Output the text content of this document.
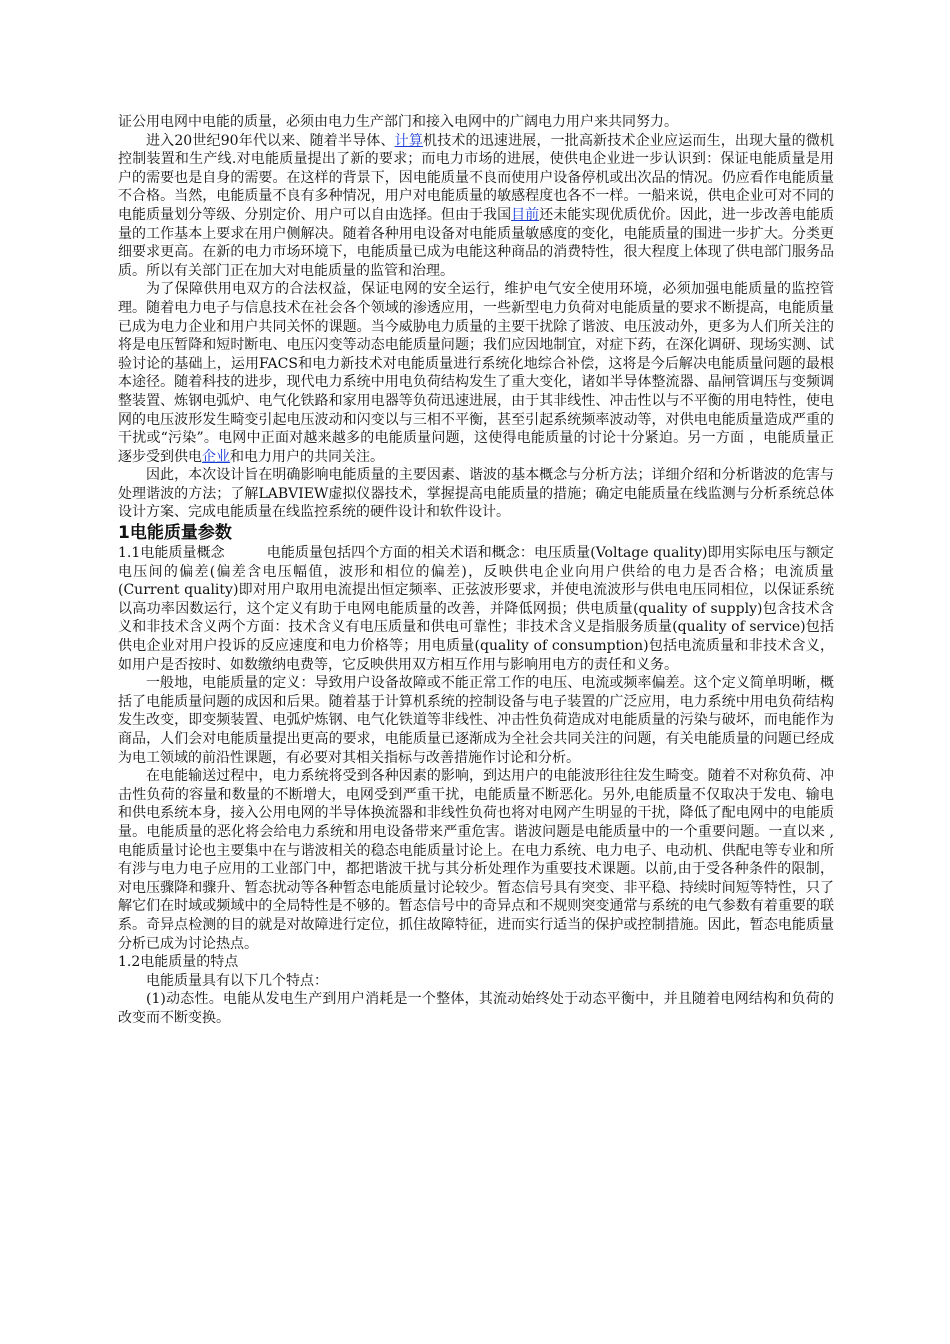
证公用电网中电能的质量，必须由电力生产部门和接入电网中的广阔电力用户来共同努力。

进入20世纪90年代以来、随着半导体、计算机技术的迅速进展，一批高新技术企业应运而生，出现大量的微机控制装置和生产线.对电能质量提出了新的要求；而电力市场的进展，使供电企业进一步认识到：保证电能质量是用户的需要也是自身的需要。在这样的背景下，因电能质量不良而使用户设备停机或出次品的情况。仍应看作电能质量不合格。当然，电能质量不良有多种情况，用户对电能质量的敏感程度也各不一样。一船来说，供电企业可对不同的电能质量划分等级、分别定价、用户可以自由选择。但由于我国目前还未能实现优质优价。因此，进一步改善电能质量的工作基本上要求在用户侧解决。随着各种用电设备对电能质量敏感度的变化，电能质量的围进一步扩大。分类更细要求更高。在新的电力市场环境下，电能质量已成为电能这种商品的消费特性，很大程度上体现了供电部门服务品质。所以有关部门正在加大对电能质量的监管和治理。

为了保障供用电双方的合法权益，保证电网的安全运行，维护电气安全使用环境，必须加强电能质量的监控管理。随着电力电子与信息技术在社会各个领域的渗透应用，一些新型电力负荷对电能质量的要求不断提高，电能质量已成为电力企业和用户共同关怀的课题。当今威胁电力质量的主要干扰除了谐波、电压波动外，更多为人们所关注的将是电压暂降和短时断电、电压闪变等动态电能质量问题；我们应因地制宜，对症下药，在深化调研、现场实测、试验讨论的基础上，运用FACS和电力新技术对电能质量进行系统化地综合补偿，这将是今后解决电能质量问题的最根本途径。随着科技的进步，现代电力系统中用电负荷结构发生了重大变化，诸如半导体整流器、晶闸管调压与变频调整装置、炼钢电弧炉、电气化铁路和家用电器等负荷迅速进展，由于其非线性、冲击性以与不平衡的用电特性，使电网的电压波形发生畸变引起电压波动和闪变以与三相不平衡，甚至引起系统频率波动等，对供电电能质量造成严重的干扰或“污染”。电网中正面对越来越多的电能质量问题，这使得电能质量的讨论十分紧迫。另一方面 ，电能质量正逐步受到供电企业和电力用户的共同关注。

因此，本次设计旨在明确影响电能质量的主要因素、谐波的基本概念与分析方法；详细介绍和分析谐波的危害与处理谐波的方法；了解LABVIEW虚拟仪器技术，掌握提高电能质量的措施；确定电能质量在线监测与分析系统总体设计方案、完成电能质量在线监控系统的硬件设计和软件设计。

1电能质量参数

1.1电能质量概念	电能质量包括四个方面的相关术语和概念：电压质量(Voltage quality)即用实际电压与额定电压间的偏差(偏差含电压幅值，波形和相位的偏差)，反映供电企业向用户供给的电力是否合格；电流质量(Current quality)即对用户取用电流提出恒定频率、正弦波形要求，并使电流波形与供电电压同相位，以保证系统以高功率因数运行，这个定义有助于电网电能质量的改善，并降低网损；供电质量(quality of supply)包含技术含义和非技术含义两个方面：技术含义有电压质量和供电可靠性；非技术含义是指服务质量(quality of service)包括供电企业对用户投诉的反应速度和电力价格等；用电质量(quality of consumption)包括电流质量和非技术含义，如用户是否按时、如数缴纳电费等，它反映供用双方相互作用与影响用电方的责任和义务。

一般地，电能质量的定义：导致用户设备故障或不能正常工作的电压、电流或频率偏差。这个定义简单明晰，概括了电能质量问题的成因和后果。随着基于计算机系统的控制设备与电子装置的广泛应用，电力系统中用电负荷结构发生改变，即变频装置、电弧炉炼钢、电气化铁道等非线性、冲击性负荷造成对电能质量的污染与破坏，而电能作为商品，人们会对电能质量提出更高的要求，电能质量已逐渐成为全社会共同关注的问题，有关电能质量的问题已经成为电工领域的前沿性课题，有必要对其相关指标与改善措施作讨论和分析。

在电能输送过程中，电力系统将受到各种因素的影响，到达用户的电能波形往往发生畸变。随着不对称负荷、冲击性负荷的容量和数量的不断增大，电网受到严重干扰，电能质量不断恶化。另外,电能质量不仅取决于发电、输电和供电系统本身，接入公用电网的半导体换流器和非线性负荷也将对电网产生明显的干扰，降低了配电网中的电能质量。电能质量的恶化将会给电力系统和用电设备带来严重危害。谐波问题是电能质量中的一个重要问题。一直以来 ,电能质量讨论也主要集中在与谐波相关的稳态电能质量讨论上。在电力系统、电力电子、电动机、供配电等专业和所有涉与电力电子应用的工业部门中，都把谐波干扰与其分析处理作为重要技术课题。以前,由于受各种条件的限制，对电压骤降和骤升、暂态扰动等各种暂态电能质量讨论较少。暂态信号具有突变、非平稳、持续时间短等特性，只了解它们在时域或频域中的全局特性是不够的。暂态信号中的奇异点和不规则突变通常与系统的电气参数有着重要的联系。奇异点检测的目的就是对故障进行定位，抓住故障特征，进而实行适当的保护或控制措施。因此，暂态电能质量分析已成为讨论热点。

1.2电能质量的特点

电能质量具有以下几个特点：

(1)动态性。电能从发电生产到用户消耗是一个整体，其流动始终处于动态平衡中，并且随着电网结构和负荷的改变而不断变换。
